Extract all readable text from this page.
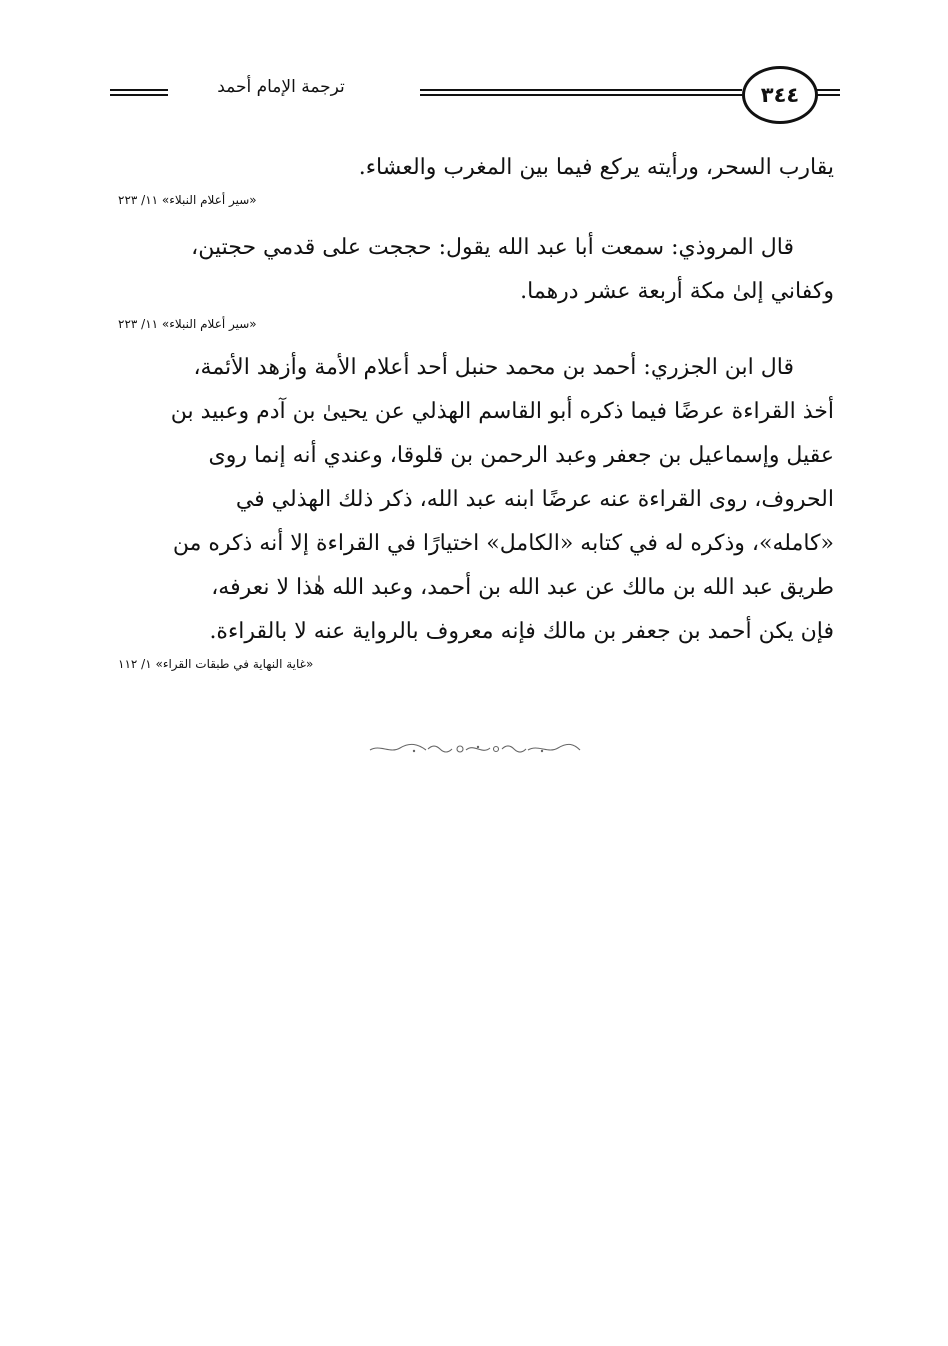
٣٤٤
ترجمة الإمام أحمد
يقارب السحر، ورأيته يركع فيما بين المغرب والعشاء.
«سير أعلام النبلاء» ١١/ ٢٢٣
قال المروذي: سمعت أبا عبد الله يقول: حججت على قدمي حجتين،
وكفاني إلىٰ مكة أربعة عشر درهما.
«سير أعلام النبلاء» ١١/ ٢٢٣
قال ابن الجزري: أحمد بن محمد حنبل أحد أعلام الأمة وأزهد الأئمة،
أخذ القراءة عرضًا فيما ذكره أبو القاسم الهذلي عن يحيىٰ بن آدم وعبيد بن
عقيل وإسماعيل بن جعفر وعبد الرحمن بن قلوقا، وعندي أنه إنما روى
الحروف، روى القراءة عنه عرضًا ابنه عبد الله، ذكر ذلك الهذلي في
«كامله»، وذكره له في كتابه «الكامل» اختيارًا في القراءة إلا أنه ذكره من
طريق عبد الله بن مالك عن عبد الله بن أحمد، وعبد الله هٰذا لا نعرفه،
فإن يكن أحمد بن جعفر بن مالك فإنه معروف بالرواية عنه لا بالقراءة.
«غاية النهاية في طبقات القراء» ١/ ١١٢
